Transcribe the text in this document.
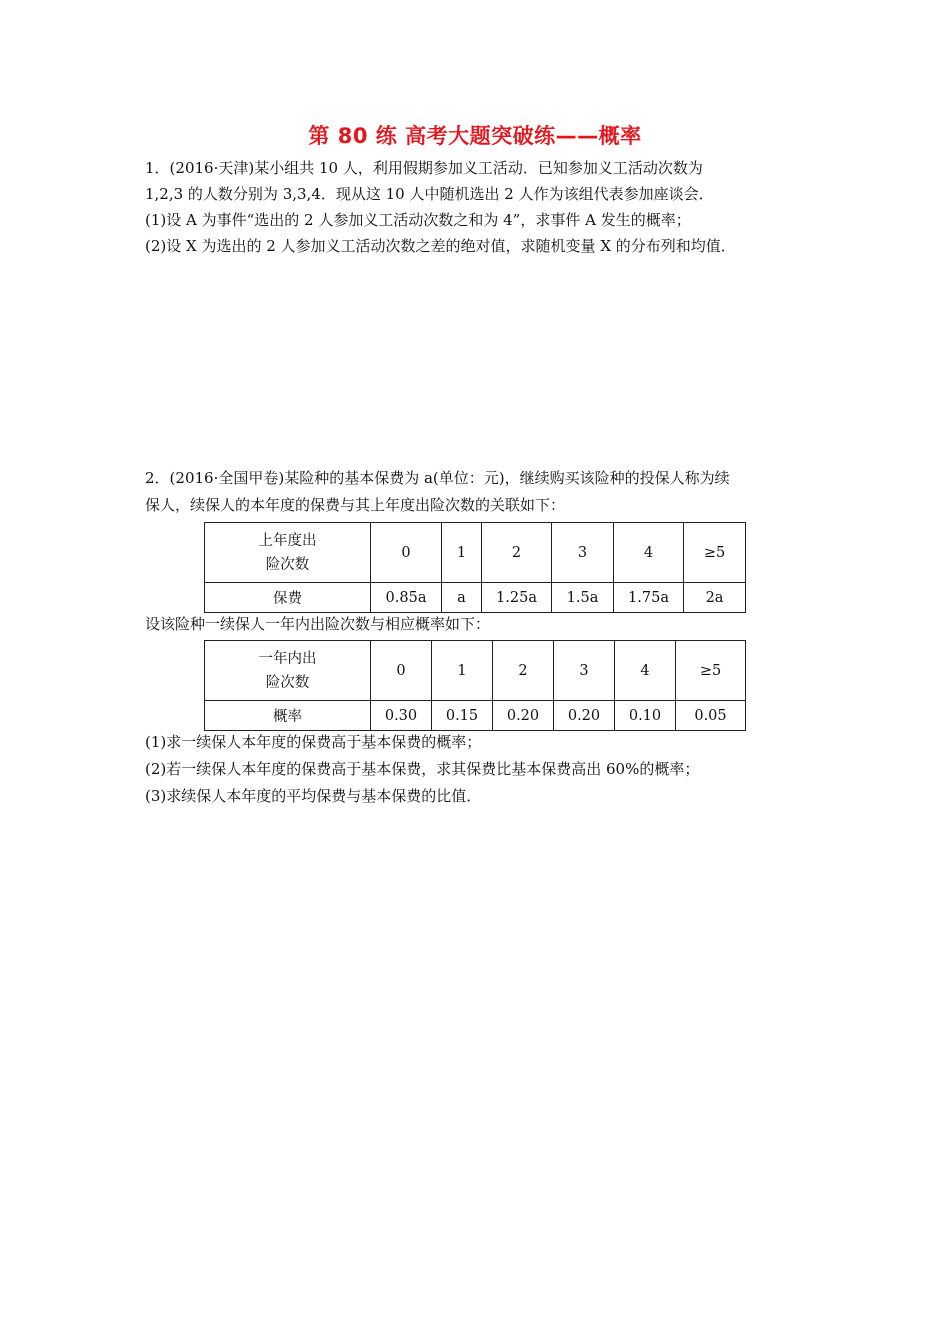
第 80 练 高考大题突破练——概率
1．(2016·天津)某小组共 10 人，利用假期参加义工活动．已知参加义工活动次数为
1,2,3 的人数分别为 3,3,4．现从这 10 人中随机选出 2 人作为该组代表参加座谈会．
(1)设 A 为事件“选出的 2 人参加义工活动次数之和为 4”，求事件 A 发生的概率；
(2)设 X 为选出的 2 人参加义工活动次数之差的绝对值，求随机变量 X 的分布列和均值．
2．(2016·全国甲卷)某险种的基本保费为 a(单位：元)，继续购买该险种的投保人称为续
保人，续保人的本年度的保费与其上年度出险次数的关联如下：
上年度出
险次数	0	1	2	3	4	≥5
保费	0.85a	a	1.25a	1.5a	1.75a	2a
设该险种一续保人一年内出险次数与相应概率如下：
一年内出
险次数	0	1	2	3	4	≥5
概率	0.30	0.15	0.20	0.20	0.10	0.05
(1)求一续保人本年度的保费高于基本保费的概率；
(2)若一续保人本年度的保费高于基本保费，求其保费比基本保费高出 60%的概率；
(3)求续保人本年度的平均保费与基本保费的比值．
